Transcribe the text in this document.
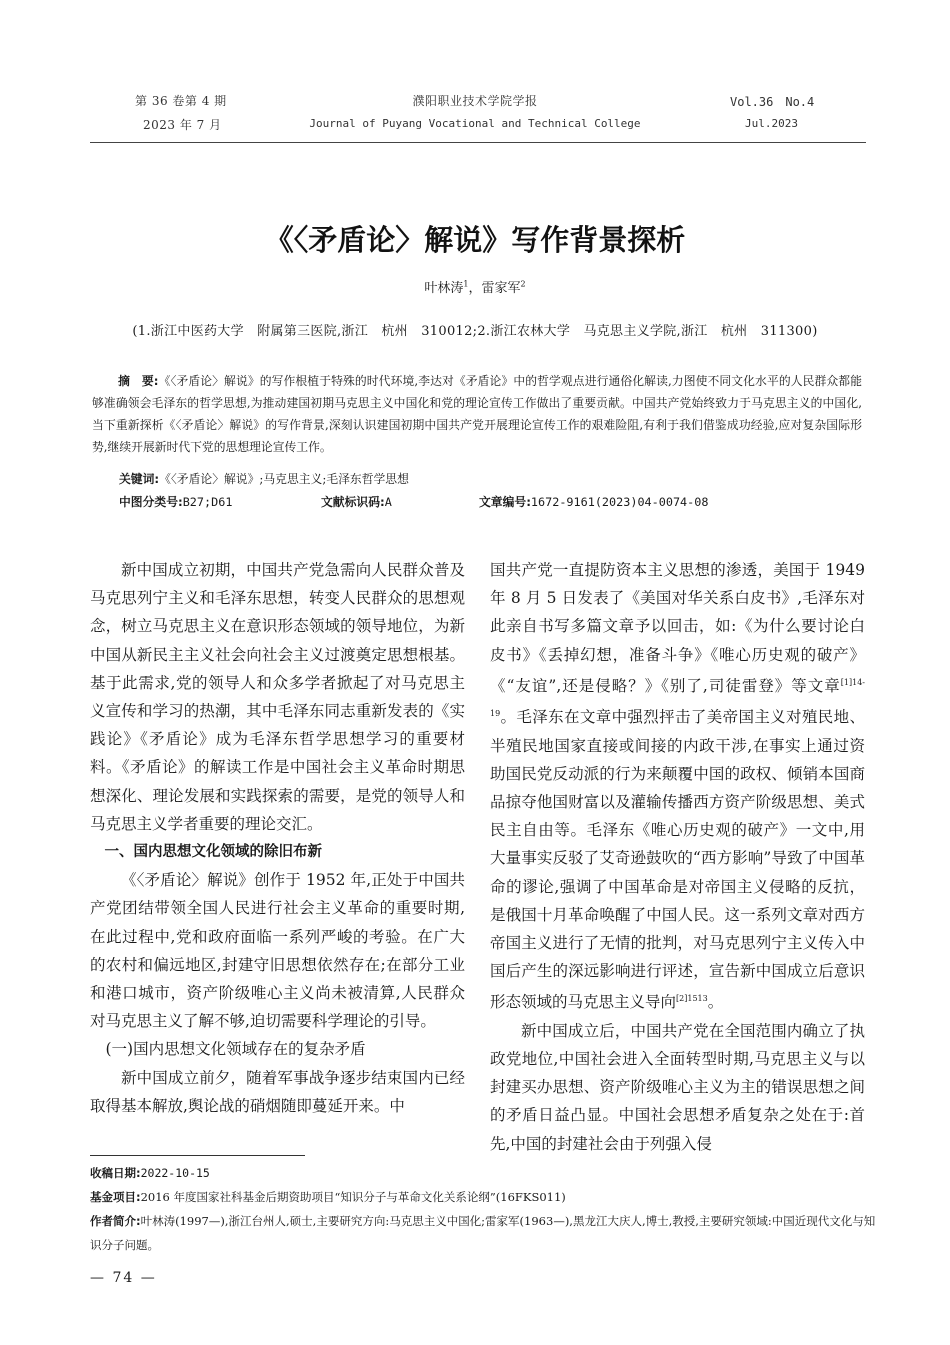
第 36 卷第 4 期
2023 年 7 月
濮阳职业技术学院学报
Journal of Puyang Vocational and Technical College
Vol.36　No.4
Jul.2023
《〈矛盾论〉解说》写作背景探析
叶林涛$^1$，雷家军$^2$
(1.浙江中医药大学　附属第三医院,浙江　杭州　310012;2.浙江农林大学　马克思主义学院,浙江　杭州　311300)
摘　要:《〈矛盾论〉解说》的写作根植于特殊的时代环境,李达对《矛盾论》中的哲学观点进行通俗化解读,力图使不同文化水平的人民群众都能够准确领会毛泽东的哲学思想,为推动建国初期马克思主义中国化和党的理论宣传工作做出了重要贡献。中国共产党始终致力于马克思主义的中国化,当下重新探析《〈矛盾论〉解说》的写作背景,深刻认识建国初期中国共产党开展理论宣传工作的艰难险阻,有利于我们借鉴成功经验,应对复杂国际形势,继续开展新时代下党的思想理论宣传工作。
关键词:《〈矛盾论〉解说》;马克思主义;毛泽东哲学思想
中图分类号:B27;D61	文献标识码:A	文章编号:1672-9161(2023)04-0074-08

新中国成立初期，中国共产党急需向人民群众普及马克思列宁主义和毛泽东思想，转变人民群众的思想观念，树立马克思主义在意识形态领域的领导地位，为新中国从新民主主义社会向社会主义过渡奠定思想根基。基于此需求,党的领导人和众多学者掀起了对马克思主义宣传和学习的热潮，其中毛泽东同志重新发表的《实践论》《矛盾论》成为毛泽东哲学思想学习的重要材料。《矛盾论》的解读工作是中国社会主义革命时期思想深化、理论发展和实践探索的需要，是党的领导人和马克思主义学者重要的理论交汇。

一、国内思想文化领域的除旧布新

《〈矛盾论〉解说》创作于 1952 年,正处于中国共产党团结带领全国人民进行社会主义革命的重要时期,在此过程中,党和政府面临一系列严峻的考验。在广大的农村和偏远地区,封建守旧思想依然存在;在部分工业和港口城市，资产阶级唯心主义尚未被清算,人民群众对马克思主义了解不够,迫切需要科学理论的引导。

(一)国内思想文化领域存在的复杂矛盾

新中国成立前夕，随着军事战争逐步结束国内已经取得基本解放,舆论战的硝烟随即蔓延开来。中

国共产党一直提防资本主义思想的渗透，美国于 1949 年 8 月 5 日发表了《美国对华关系白皮书》,毛泽东对此亲自书写多篇文章予以回击，如:《为什么要讨论白皮书》《丢掉幻想，准备斗争》《唯心历史观的破产》《“友谊”,还是侵略？》《别了,司徒雷登》等文章$^{[1]14-19}$。毛泽东在文章中强烈抨击了美帝国主义对殖民地、半殖民地国家直接或间接的内政干涉,在事实上通过资助国民党反动派的行为来颠覆中国的政权、倾销本国商品掠夺他国财富以及灌输传播西方资产阶级思想、美式民主自由等。毛泽东《唯心历史观的破产》一文中,用大量事实反驳了艾奇逊鼓吹的“西方影响”导致了中国革命的谬论,强调了中国革命是对帝国主义侵略的反抗，是俄国十月革命唤醒了中国人民。这一系列文章对西方帝国主义进行了无情的批判，对马克思列宁主义传入中国后产生的深远影响进行评述，宣告新中国成立后意识形态领域的马克思主义导向$^{[2]1513}$。

新中国成立后，中国共产党在全国范围内确立了执政党地位,中国社会进入全面转型时期,马克思主义与以封建买办思想、资产阶级唯心主义为主的错误思想之间的矛盾日益凸显。中国社会思想矛盾复杂之处在于:首先,中国的封建社会由于列强入侵

收稿日期:2022-10-15
基金项目:2016 年度国家社科基金后期资助项目“知识分子与革命文化关系论纲”(16FKS011)
作者简介:叶林涛(1997—),浙江台州人,硕士,主要研究方向:马克思主义中国化;雷家军(1963—),黑龙江大庆人,博士,教授,主要研究领域:中国近现代文化与知识分子问题。
— 74 —
